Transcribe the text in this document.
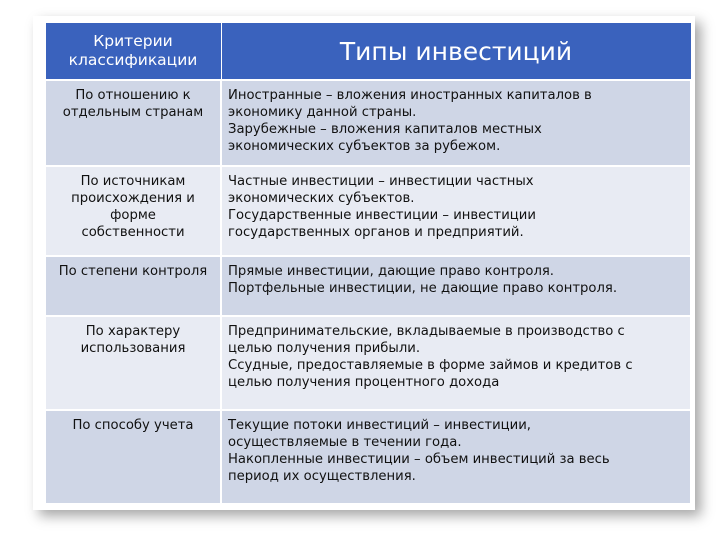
Критерии
классификации	Типы инвестиций

По отношению к
отдельным странам	Иностранные – вложения иностранных капиталов в
экономику данной страны.
Зарубежные – вложения капиталов местных
экономических субъектов за рубежом.

По источникам
происхождения и
форме
собственности	Частные инвестиции – инвестиции частных
экономических субъектов.
Государственные инвестиции – инвестиции
государственных органов и предприятий.

По степени контроля	Прямые инвестиции, дающие право контроля.
Портфельные инвестиции, не дающие право контроля.

По характеру
использования	Предпринимательские, вкладываемые в производство с
целью получения прибыли.
Ссудные, предоставляемые в форме займов и кредитов с
целью получения процентного дохода

По способу учета	Текущие потоки инвестиций – инвестиции,
осуществляемые в течении года.
Накопленные инвестиции – объем инвестиций за весь
период их осуществления.
